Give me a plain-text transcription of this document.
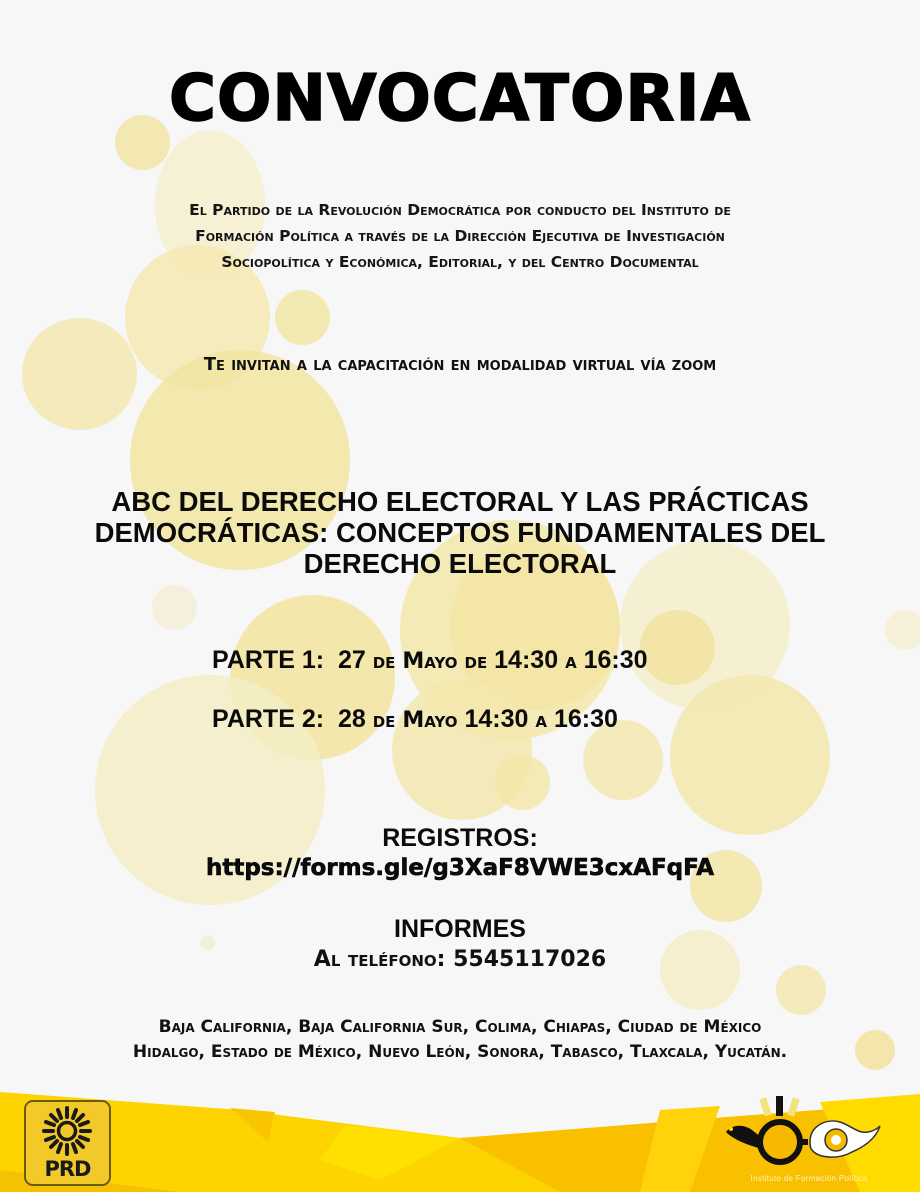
PRD	Instituto de Formación Política
CONVOCATORIA
El Partido de la Revolución Democrática por conducto del Instituto de
Formación Política a través de la Dirección Ejecutiva de Investigación
Sociopolítica y Económica, Editorial, y del Centro Documental
Te invitan a la capacitación en modalidad virtual vía zoom
ABC DEL DERECHO ELECTORAL Y LAS PRÁCTICAS
DEMOCRÁTICAS: CONCEPTOS FUNDAMENTALES DEL
DERECHO ELECTORAL
PARTE 1: 27 de Mayo de 14:30 a 16:30
PARTE 2: 28 de Mayo 14:30 a 16:30
REGISTROS:
https://forms.gle/g3XaF8VWE3cxAFqFA
INFORMES
Al teléfono: 5545117026
Baja California, Baja California Sur, Colima, Chiapas, Ciudad de México
Hidalgo, Estado de México, Nuevo León, Sonora, Tabasco, Tlaxcala, Yucatán.
